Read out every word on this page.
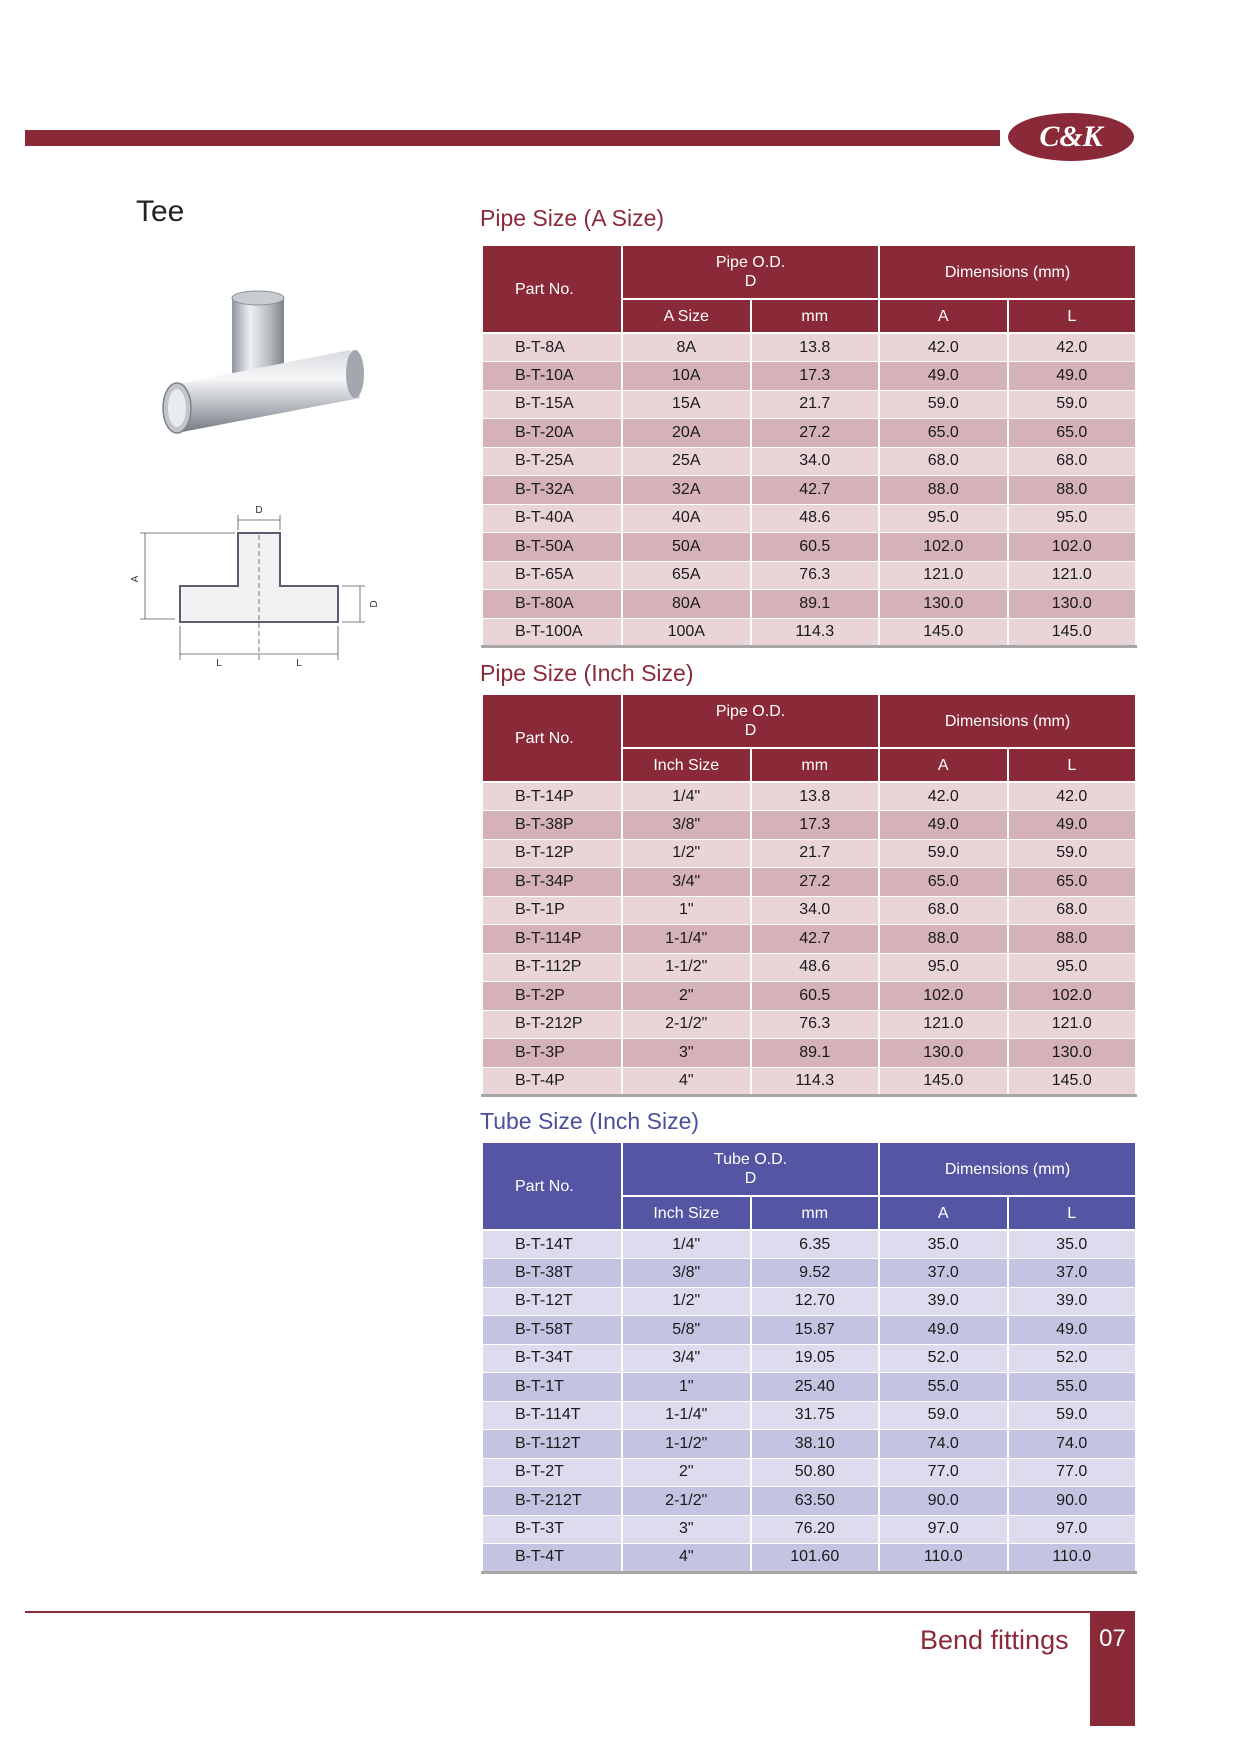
C&K
Tee
D
A
D
L	L
Pipe Size (A Size)
Part No.	Pipe O.D.
D		Dimensions (mm)	
	A Size	mm	A	L
B-T-8A	8A	13.8	42.0	42.0
B-T-10A	10A	17.3	49.0	49.0
B-T-15A	15A	21.7	59.0	59.0
B-T-20A	20A	27.2	65.0	65.0
B-T-25A	25A	34.0	68.0	68.0
B-T-32A	32A	42.7	88.0	88.0
B-T-40A	40A	48.6	95.0	95.0
B-T-50A	50A	60.5	102.0	102.0
B-T-65A	65A	76.3	121.0	121.0
B-T-80A	80A	89.1	130.0	130.0
B-T-100A	100A	114.3	145.0	145.0
Pipe Size (Inch Size)
Part No.	Pipe O.D.
D		Dimensions (mm)	
	Inch Size	mm	A	L
B-T-14P	1/4"	13.8	42.0	42.0
B-T-38P	3/8"	17.3	49.0	49.0
B-T-12P	1/2"	21.7	59.0	59.0
B-T-34P	3/4"	27.2	65.0	65.0
B-T-1P	1"	34.0	68.0	68.0
B-T-114P	1-1/4"	42.7	88.0	88.0
B-T-112P	1-1/2"	48.6	95.0	95.0
B-T-2P	2"	60.5	102.0	102.0
B-T-212P	2-1/2"	76.3	121.0	121.0
B-T-3P	3"	89.1	130.0	130.0
B-T-4P	4"	114.3	145.0	145.0
Tube Size (Inch Size)
Part No.	Tube O.D.
D		Dimensions (mm)	
	Inch Size	mm	A	L
B-T-14T	1/4"	6.35	35.0	35.0
B-T-38T	3/8"	9.52	37.0	37.0
B-T-12T	1/2"	12.70	39.0	39.0
B-T-58T	5/8"	15.87	49.0	49.0
B-T-34T	3/4"	19.05	52.0	52.0
B-T-1T	1"	25.40	55.0	55.0
B-T-114T	1-1/4"	31.75	59.0	59.0
B-T-112T	1-1/2"	38.10	74.0	74.0
B-T-2T	2"	50.80	77.0	77.0
B-T-212T	2-1/2"	63.50	90.0	90.0
B-T-3T	3"	76.20	97.0	97.0
B-T-4T	4"	101.60	110.0	110.0
Bend fittings	07
